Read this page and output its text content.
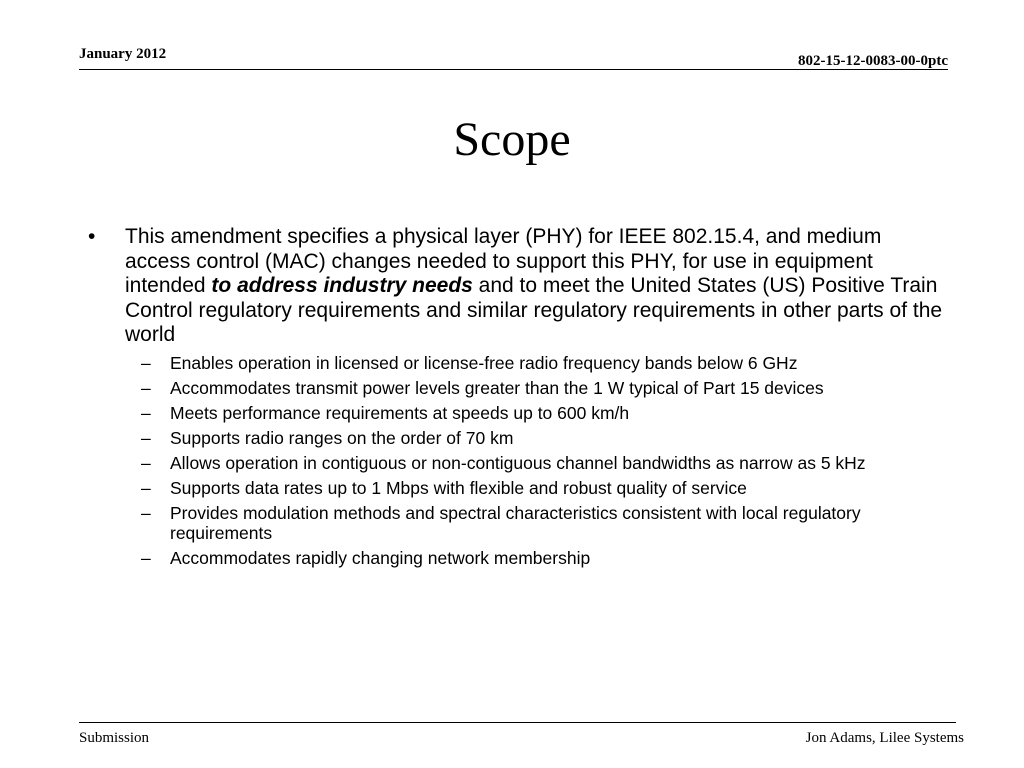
January 2012	802-15-12-0083-00-0ptc
Scope
• This amendment specifies a physical layer (PHY) for IEEE 802.15.4, and medium access control (MAC) changes needed to support this PHY, for use in equipment intended to address industry needs and to meet the United States (US) Positive Train Control regulatory requirements and similar regulatory requirements in other parts of the world
– Enables operation in licensed or license-free radio frequency bands below 6 GHz
– Accommodates transmit power levels greater than the 1 W typical of Part 15 devices
– Meets performance requirements at speeds up to 600 km/h
– Supports radio ranges on the order of 70 km
– Allows operation in contiguous or non-contiguous channel bandwidths as narrow as 5 kHz
– Supports data rates up to 1 Mbps with flexible and robust quality of service
– Provides modulation methods and spectral characteristics consistent with local regulatory requirements
– Accommodates rapidly changing network membership
Submission	Jon Adams, Lilee Systems
